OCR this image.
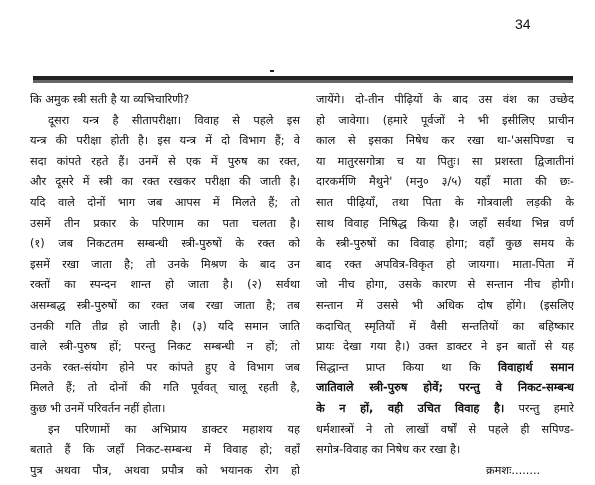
34
कि अमुक स्त्री सती है या व्यभिचारिणी?
दूसरा यन्त्र है सीतापरीक्षा। विवाह से पहले इस
यन्त्र की परीक्षा होती है। इस यन्त्र में दो विभाग हैं; वे
सदा कांपते रहते हैं। उनमें से एक में पुरुष का रक्त,
और दूसरे में स्त्री का रक्त रखकर परीक्षा की जाती है।
यदि वाले दोनों भाग जब आपस में मिलते हैं; तो
उसमें तीन प्रकार के परिणाम का पता चलता है।
(१) जब निकटतम सम्बन्धी स्त्री-पुरुषों के रक्त को
इसमें रखा जाता है; तो उनके मिश्रण के बाद उन
रक्तों का स्पन्दन शान्त हो जाता है। (२) सर्वथा
असम्बद्ध स्त्री-पुरुषों का रक्त जब रखा जाता है; तब
उनकी गति तीव्र हो जाती है। (३) यदि समान जाति
वाले स्त्री-पुरुष हों; परन्तु निकट सम्बन्धी न हों; तो
उनके रक्त-संयोग होने पर कांपते हुए वे विभाग जब
मिलते हैं; तो दोनों की गति पूर्ववत् चालू रहती है,
कुछ भी उनमें परिवर्तन नहीं होता।
इन परिणामों का अभिप्राय डाक्टर महाशय यह
बताते हैं कि जहाँ निकट-सम्बन्ध में विवाह हो; वहाँ
पुत्र अथवा पौत्र, अथवा प्रपौत्र को भयानक रोग हो
जायेंगे। दो-तीन पीढ़ियों के बाद उस वंश का उच्छेद
हो जावेगा। (हमारे पूर्वजों ने भी इसीलिए प्राचीन
काल से इसका निषेध कर रखा था-'असपिण्डा च
या मातुरसगोत्रा च या पितुः। सा प्रशस्ता द्विजातीनां
दारकर्मणि मैथुने' (मनु० ३/५) यहाँ माता की छः-
सात पीढ़ियाँ, तथा पिता के गोत्रवाली लड़की के
साथ विवाह निषिद्ध किया है। जहाँ सर्वथा भिन्न वर्ण
के स्त्री-पुरुषों का विवाह होगा; वहाँ कुछ समय के
बाद रक्त अपवित्र-विकृत हो जायगा। माता-पिता में
जो नीच होगा, उसके कारण से सन्तान नीच होगी।
सन्तान में उससे भी अधिक दोष होंगे। (इसलिए
कदाचित् स्मृतियों में वैसी सन्ततियों का बहिष्कार
प्रायः देखा गया है।) उक्त डाक्टर ने इन बातों से यह
सिद्धान्त प्राप्त किया था कि विवाहार्थ समान
जातिवाले स्त्री-पुरुष होवें; परन्तु वे निकट-सम्बन्ध
के न हों, वही उचित विवाह है। परन्तु हमारे
धर्मशास्त्रों ने तो लाखों वर्षों से पहले ही सपिण्ड-
सगोत्र-विवाह का निषेध कर रखा है।
क्रमशः........
